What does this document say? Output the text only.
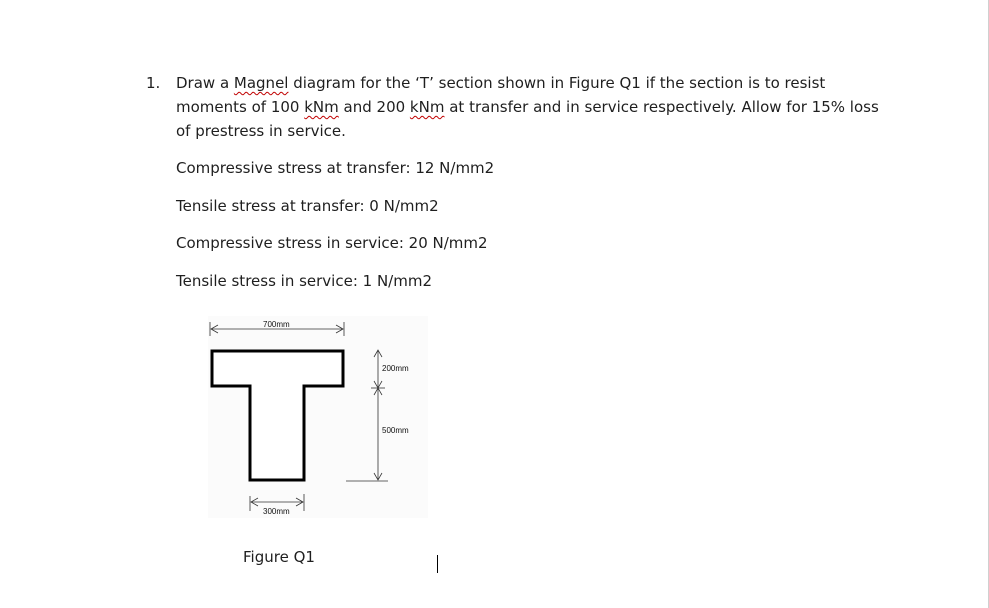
1. Draw a Magnel diagram for the ‘T’ section shown in Figure Q1 if the section is to resist
moments of 100 kNm and 200 kNm at transfer and in service respectively. Allow for 15% loss
of prestress in service.
Compressive stress at transfer: 12 N/mm2
Tensile stress at transfer: 0 N/mm2
Compressive stress in service: 20 N/mm2
Tensile stress in service: 1 N/mm2
700mm
200mm
500mm
300mm
Figure Q1
